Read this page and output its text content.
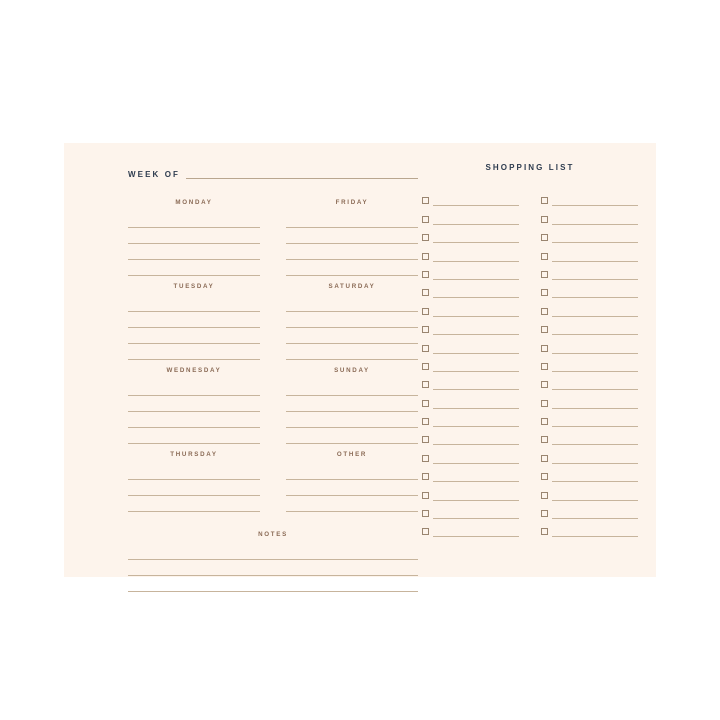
WEEK OF
MONDAY	FRIDAY
TUESDAY	SATURDAY
WEDNESDAY	SUNDAY
THURSDAY	OTHER
NOTES
SHOPPING LIST
